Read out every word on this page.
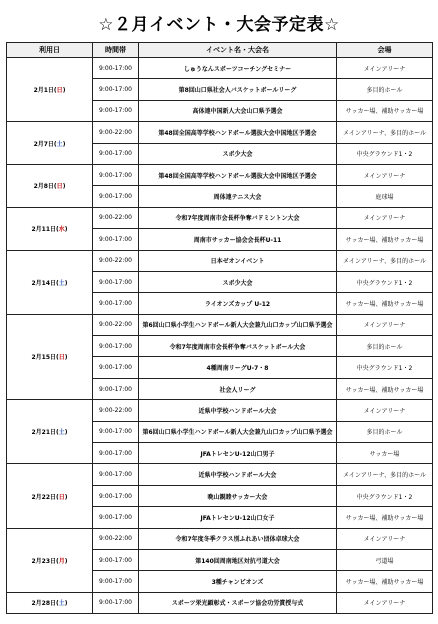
☆２月イベント・大会予定表☆
利用日	時間帯	イベント名・大会名	会場
2月1日(日)	9:00-17:00	しゅうなんスポーツコーチングセミナー	メインアリーナ
	9:00-17:00	第8回山口県社会人バスケットボールリーグ	多目的ホール
	9:00-17:00	高体連中国新人大会山口県予選会	サッカー場、補助サッカー場
2月7日(土)	9:00-22:00	第48回全国高等学校ハンドボール選抜大会中国地区予選会	メインアリーナ、多目的ホール
	9:00-17:00	スポ少大会	中央グラウンド1・2
2月8日(日)	9:00-17:00	第48回全国高等学校ハンドボール選抜大会中国地区予選会	メインアリーナ
	9:00-17:00	周体連テニス大会	庭球場
2月11日(水)	9:00-22:00	令和7年度周南市会長杯争奪バドミントン大会	メインアリーナ
	9:00-17:00	周南市サッカー協会会長杯U-11	サッカー場、補助サッカー場
2月14日(土)	9:00-22:00	日本ゼオンイベント	メインアリーナ、多目的ホール
	9:00-17:00	スポ少大会	中央グラウンド1・2
	9:00-17:00	ライオンズカップ U-12	サッカー場、補助サッカー場
2月15日(日)	9:00-22:00	第6回山口県小学生ハンドボール新人大会兼九山口カップ山口県予選会	メインアリーナ
	9:00-17:00	令和7年度周南市会長杯争奪バスケットボール大会	多目的ホール
	9:00-17:00	4種周南リーグU-7・8	中央グラウンド1・2
	9:00-17:00	社会人リーグ	サッカー場、補助サッカー場
2月21日(土)	9:00-22:00	近県中学校ハンドボール大会	メインアリーナ
	9:00-17:00	第6回山口県小学生ハンドボール新人大会兼九山口カップ山口県予選会	多目的ホール
	9:00-17:00	JFAトレセンU-12山口男子	サッカー場
2月22日(日)	9:00-17:00	近県中学校ハンドボール大会	メインアリーナ、多目的ホール
	9:00-17:00	晩山親睦サッカー大会	中央グラウンド1・2
	9:00-17:00	JFAトレセンU-12山口女子	サッカー場、補助サッカー場
2月23日(月)	9:00-22:00	令和7年度冬季クラス別ふれあい団体卓球大会	メインアリーナ
	9:00-17:00	第140回周南地区対抗弓道大会	弓道場
	9:00-17:00	3種チャンピオンズ	サッカー場、補助サッカー場
2月28日(土)	9:00-17:00	スポーツ栄光顕彰式・スポーツ協会功労賞授与式	メインアリーナ
